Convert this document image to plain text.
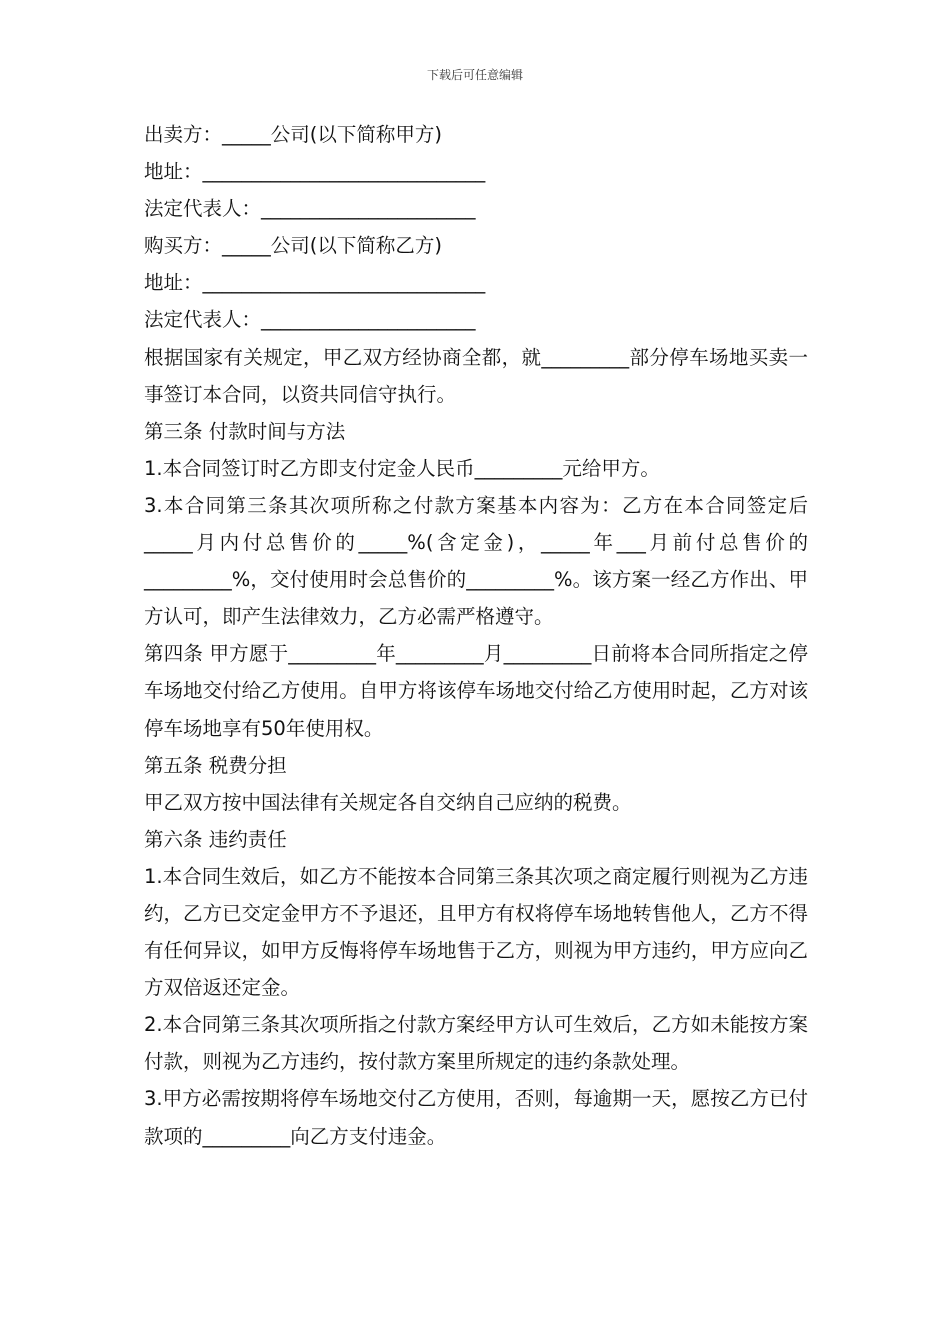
下载后可任意编辑
出卖方：_____公司(以下简称甲方)
地址：_____________________________
法定代表人：______________________
购买方：_____公司(以下简称乙方)
地址：_____________________________
法定代表人：______________________
根据国家有关规定，甲乙双方经协商全都，就_________部分停车场地买卖一事签订本合同，以资共同信守执行。
第三条 付款时间与方法
1.本合同签订时乙方即支付定金人民币_________元给甲方。
3.本合同第三条其次项所称之付款方案基本内容为：乙方在本合同签定后_____月内付总售价的_____%(含定金)，_____年___月前付总售价的_________%，交付使用时会总售价的_________%。该方案一经乙方作出、甲方认可，即产生法律效力，乙方必需严格遵守。
第四条 甲方愿于_________年_________月_________日前将本合同所指定之停车场地交付给乙方使用。自甲方将该停车场地交付给乙方使用时起，乙方对该停车场地享有50年使用权。
第五条 税费分担
甲乙双方按中国法律有关规定各自交纳自己应纳的税费。
第六条 违约责任
1.本合同生效后，如乙方不能按本合同第三条其次项之商定履行则视为乙方违约，乙方已交定金甲方不予退还，且甲方有权将停车场地转售他人，乙方不得有任何异议，如甲方反悔将停车场地售于乙方，则视为甲方违约，甲方应向乙方双倍返还定金。
2.本合同第三条其次项所指之付款方案经甲方认可生效后，乙方如未能按方案付款，则视为乙方违约，按付款方案里所规定的违约条款处理。
3.甲方必需按期将停车场地交付乙方使用，否则，每逾期一天，愿按乙方已付款项的_________向乙方支付违金。
